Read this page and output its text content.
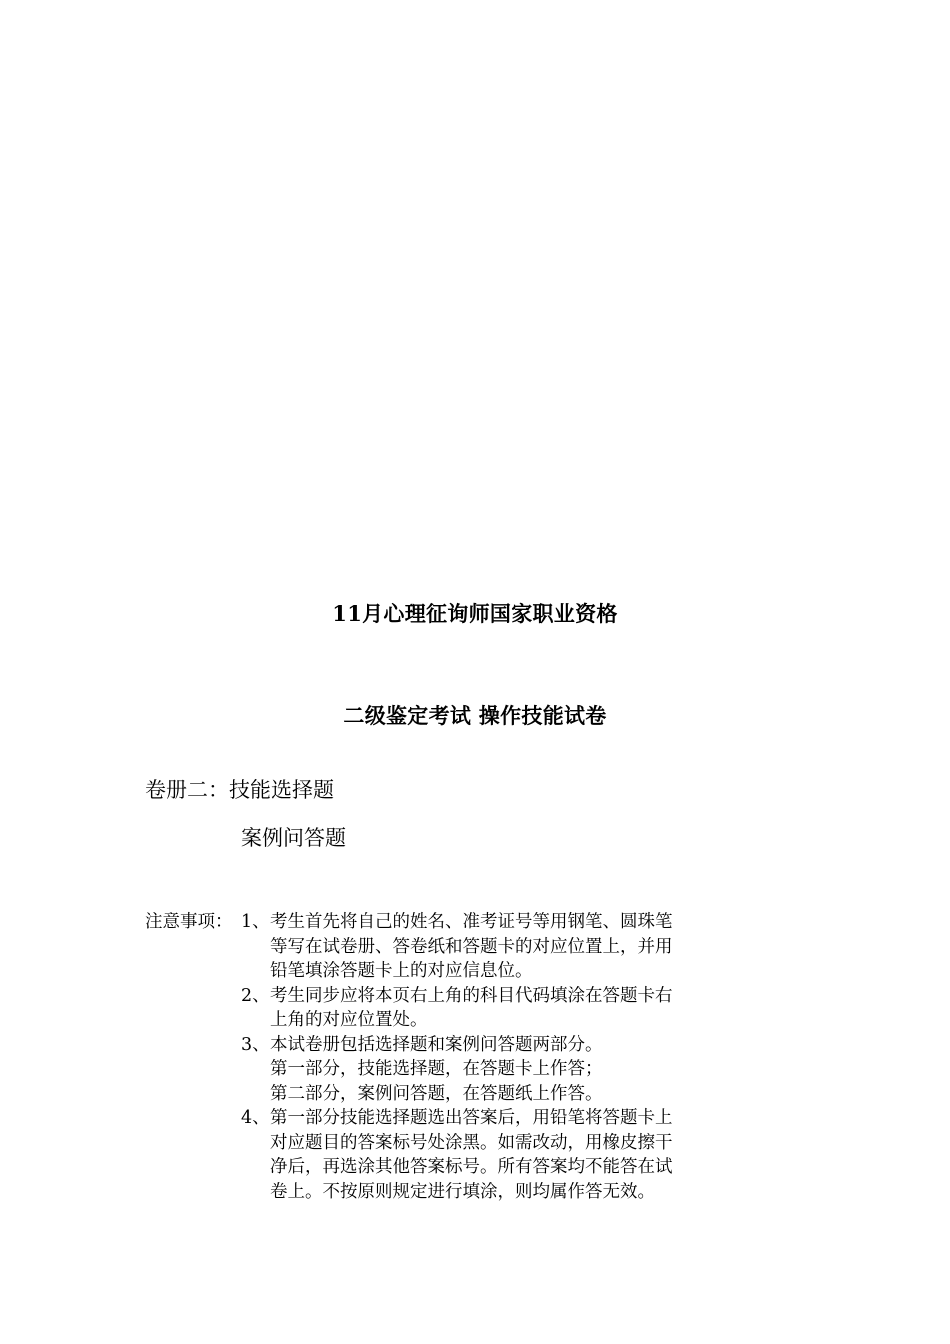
11月心理征询师国家职业资格
二级鉴定考试 操作技能试卷
卷册二：技能选择题
案例问答题
注意事项： 1、 考生首先将自己的姓名、准考证号等用钢笔、圆珠笔
等写在试卷册、答卷纸和答题卡的对应位置上，并用
铅笔填涂答题卡上的对应信息位。
2、 考生同步应将本页右上角的科目代码填涂在答题卡右
上角的对应位置处。
3、 本试卷册包括选择题和案例问答题两部分。
第一部分，技能选择题，在答题卡上作答；
第二部分，案例问答题，在答题纸上作答。
4、 第一部分技能选择题选出答案后，用铅笔将答题卡上
对应题目的答案标号处涂黑。如需改动，用橡皮擦干
净后，再选涂其他答案标号。所有答案均不能答在试
卷上。不按原则规定进行填涂，则均属作答无效。
